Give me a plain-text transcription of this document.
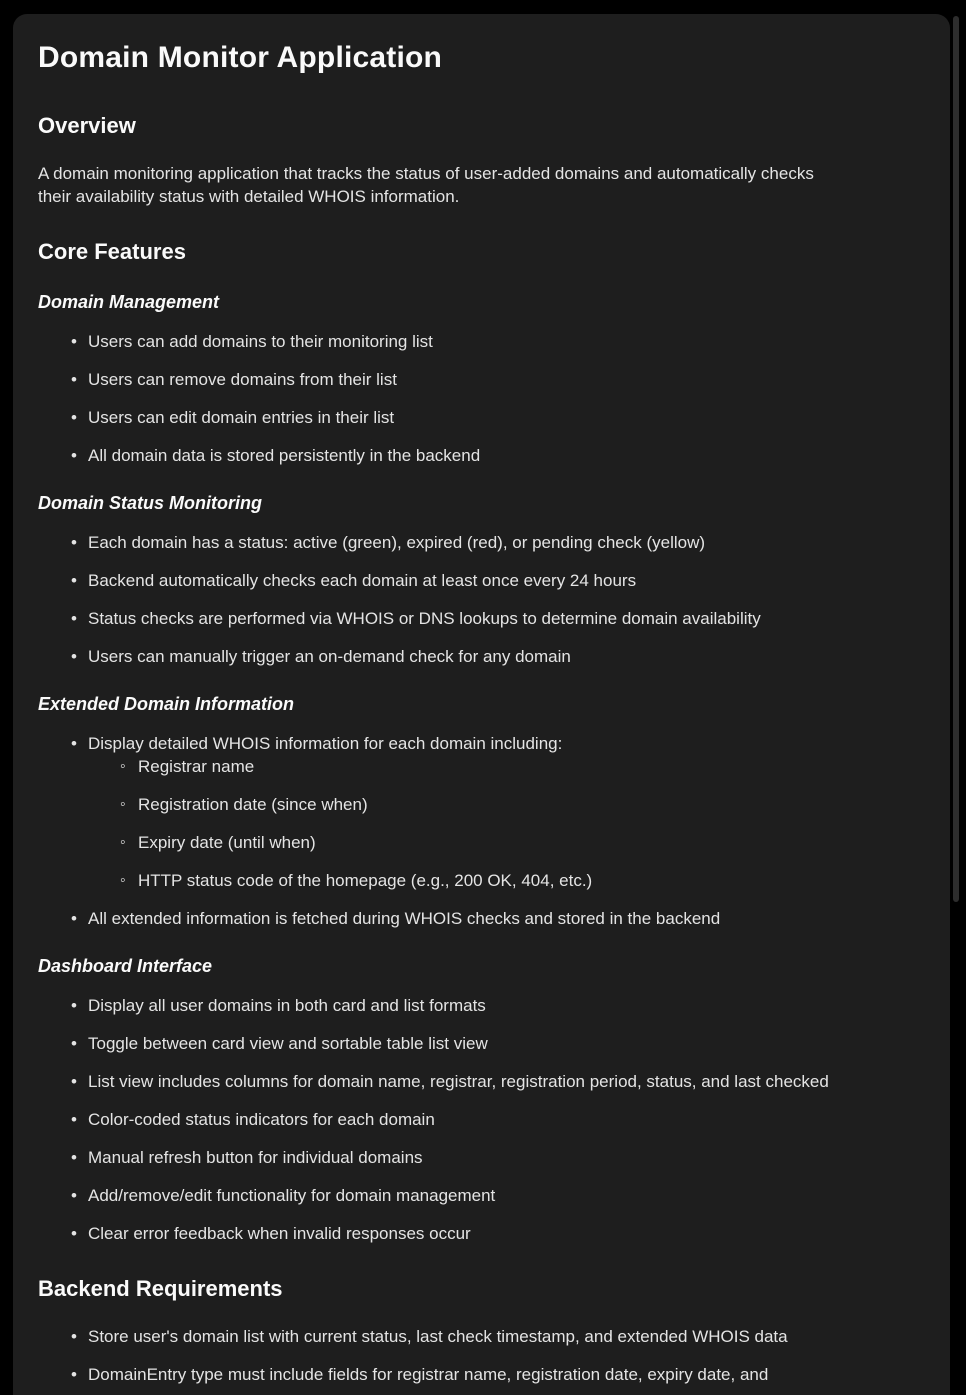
Domain Monitor Application
Overview

A domain monitoring application that tracks the status of user-added domains and automatically checks their availability status with detailed WHOIS information.

Core Features
Domain Management
• Users can add domains to their monitoring list
• Users can remove domains from their list
• Users can edit domain entries in their list
• All domain data is stored persistently in the backend
Domain Status Monitoring
• Each domain has a status: active (green), expired (red), or pending check (yellow)
• Backend automatically checks each domain at least once every 24 hours
• Status checks are performed via WHOIS or DNS lookups to determine domain availability
• Users can manually trigger an on-demand check for any domain
Extended Domain Information
• Display detailed WHOIS information for each domain including:
◦ Registrar name
◦ Registration date (since when)
◦ Expiry date (until when)
◦ HTTP status code of the homepage (e.g., 200 OK, 404, etc.)
• All extended information is fetched during WHOIS checks and stored in the backend
Dashboard Interface
• Display all user domains in both card and list formats
• Toggle between card view and sortable table list view
• List view includes columns for domain name, registrar, registration period, status, and last checked
• Color-coded status indicators for each domain
• Manual refresh button for individual domains
• Add/remove/edit functionality for domain management
• Clear error feedback when invalid responses occur
Backend Requirements
• Store user's domain list with current status, last check timestamp, and extended WHOIS data
• DomainEntry type must include fields for registrar name, registration date, expiry date, and
